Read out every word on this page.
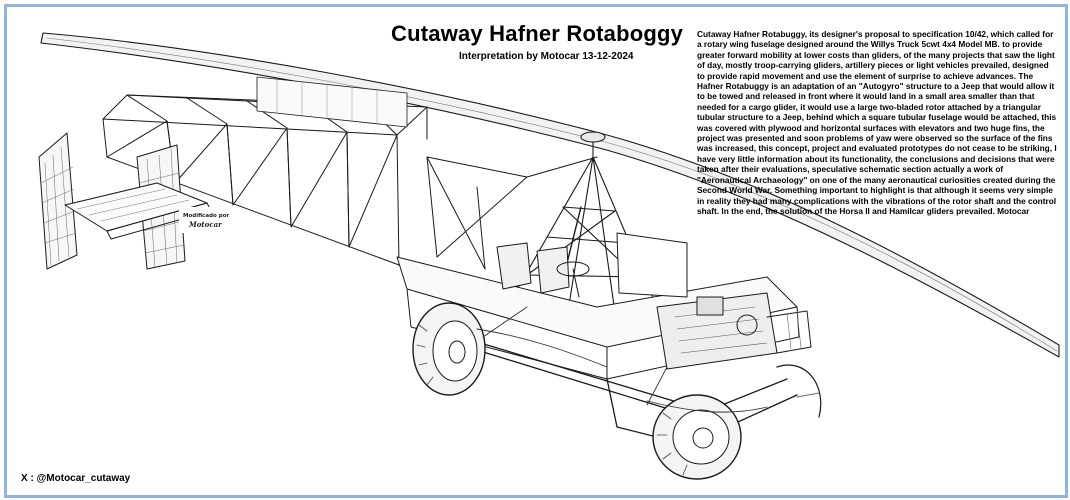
Modificado por
Motocar
Cutaway Hafner Rotaboggy
Interpretation by Motocar 13-12-2024

Cutaway Hafner Rotabuggy, its designer's proposal to specification 10/42, which called for a rotary wing fuselage designed around the Willys Truck 5cwt 4x4 Model MB. to provide greater forward mobility at lower costs than gliders, of the many projects that saw the light of day, mostly troop-carrying gliders, artillery pieces or light vehicles prevailed, designed to provide rapid movement and use the element of surprise to achieve advances. The Hafner Rotabuggy is an adaptation of an "Autogyro" structure to a Jeep that would allow it to be towed and released in front where it would land in a small area smaller than that needed for a cargo glider, it would use a large two-bladed rotor attached by a triangular tubular structure to a Jeep, behind which a square tubular fuselage would be attached, this was covered with plywood and horizontal surfaces with elevators and two huge fins, the project was presented and soon problems of yaw were observed so the surface of the fins was increased, this concept, project and evaluated prototypes do not cease to be striking, I have very little information about its functionality, the conclusions and decisions that were taken after their evaluations, speculative schematic section actually a work of "Aeronautical Archaeology" on one of the many aeronautical curiosities created during the Second World War. Something important to highlight is that although it seems very simple in reality they had many complications with the vibrations of the rotor shaft and the control shaft. In the end, the solution of the Horsa II and Hamilcar gliders prevailed. Motocar

X : @Motocar_cutaway
